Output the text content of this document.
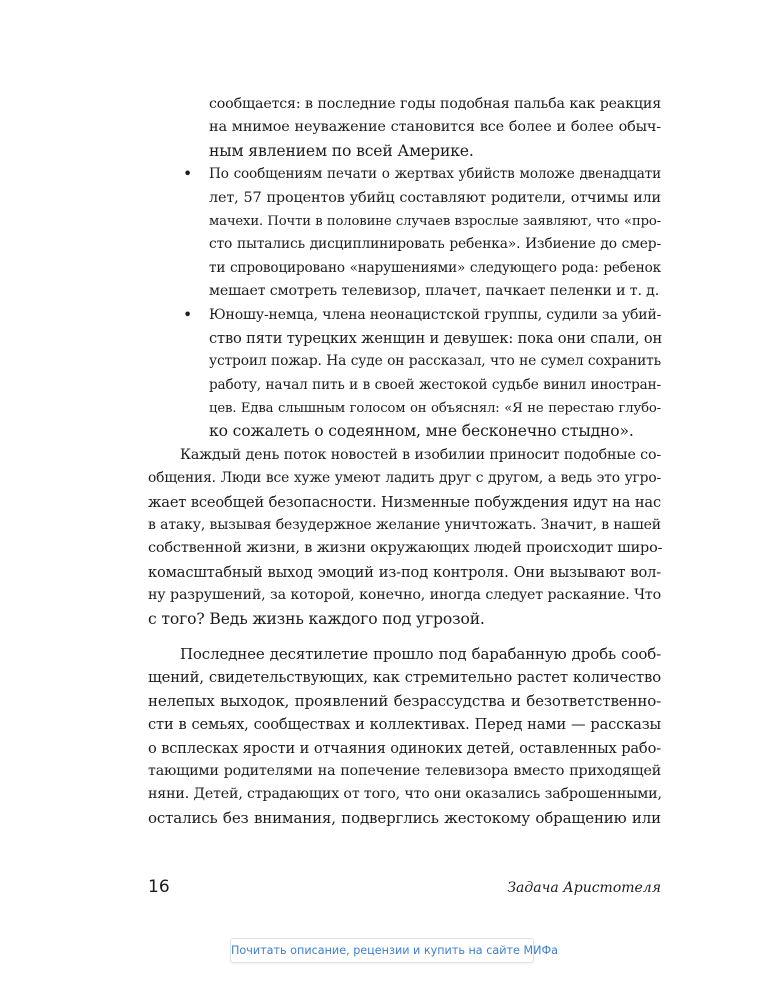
сообщается: в последние годы подобная пальба как реакция
на мнимое неуважение становится все более и более обыч-
ным явлением по всей Америке.
• По сообщениям печати о жертвах убийств моложе двенадцати
лет, 57 процентов убийц составляют родители, отчимы или
мачехи. Почти в половине случаев взрослые заявляют, что «про-
сто пытались дисциплинировать ребенка». Избиение до смер-
ти спровоцировано «нарушениями» следующего рода: ребенок
мешает смотреть телевизор, плачет, пачкает пеленки и т. д.
• Юношу-немца, члена неонацистской группы, судили за убий-
ство пяти турецких женщин и девушек: пока они спали, он
устроил пожар. На суде он рассказал, что не сумел сохранить
работу, начал пить и в своей жестокой судьбе винил иностран-
цев. Едва слышным голосом он объяснял: «Я не перестаю глубо-
ко сожалеть о содеянном, мне бесконечно стыдно».
Каждый день поток новостей в изобилии приносит подобные со-
общения. Люди все хуже умеют ладить друг с другом, а ведь это угро-
жает всеобщей безопасности. Низменные побуждения идут на нас
в атаку, вызывая безудержное желание уничтожать. Значит, в нашей
собственной жизни, в жизни окружающих людей происходит широ-
комасштабный выход эмоций из-под контроля. Они вызывают вол-
ну разрушений, за которой, конечно, иногда следует раскаяние. Что
с того? Ведь жизнь каждого под угрозой.
Последнее десятилетие прошло под барабанную дробь сооб-
щений, свидетельствующих, как стремительно растет количество
нелепых выходок, проявлений безрассудства и безответственно-
сти в семьях, сообществах и коллективах. Перед нами — рассказы
о всплесках ярости и отчаяния одиноких детей, оставленных рабо-
тающими родителями на попечение телевизора вместо приходящей
няни. Детей, страдающих от того, что они оказались заброшенными,
остались без внимания, подверглись жестокому обращению или
16	Задача Аристотеля
Почитать описание, рецензии и купить на сайте МИФа
